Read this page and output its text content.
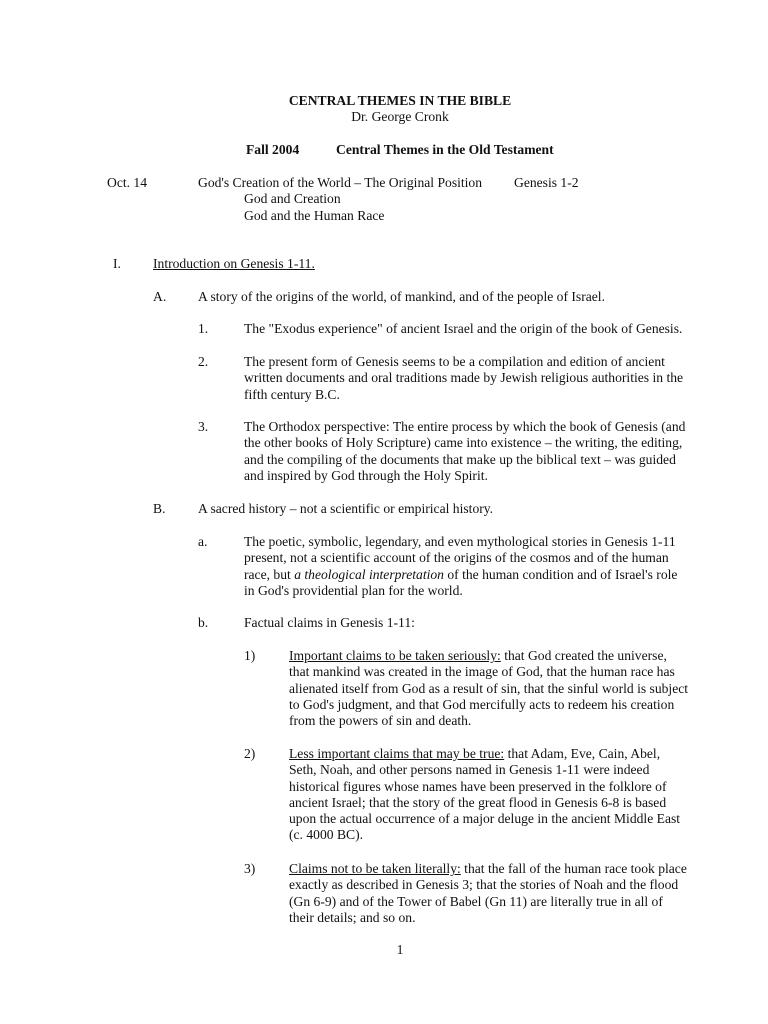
CENTRAL THEMES IN THE BIBLE
Dr. George Cronk
Fall 2004	Central Themes in the Old Testament
Oct. 14	God's Creation of the World – The Original Position Genesis 1-2
God and Creation
God and the Human Race
I. Introduction on Genesis 1-11.
A. A story of the origins of the world, of mankind, and of the people of Israel.
1.	The "Exodus experience" of ancient Israel and the origin of the book of Genesis.
2.	The present form of Genesis seems to be a compilation and edition of ancient
written documents and oral traditions made by Jewish religious authorities in the
fifth century B.C.
3.	The Orthodox perspective: The entire process by which the book of Genesis (and
the other books of Holy Scripture) came into existence – the writing, the editing,
and the compiling of the documents that make up the biblical text – was guided
and inspired by God through the Holy Spirit.
B. A sacred history – not a scientific or empirical history.
a.	The poetic, symbolic, legendary, and even mythological stories in Genesis 1-11
present, not a scientific account of the origins of the cosmos and of the human
race, but a theological interpretation of the human condition and of Israel's role
in God's providential plan for the world.
b.	Factual claims in Genesis 1-11:
1) Important claims to be taken seriously: that God created the universe,
that mankind was created in the image of God, that the human race has
alienated itself from God as a result of sin, that the sinful world is subject
to God's judgment, and that God mercifully acts to redeem his creation
from the powers of sin and death.
2) Less important claims that may be true: that Adam, Eve, Cain, Abel,
Seth, Noah, and other persons named in Genesis 1-11 were indeed
historical figures whose names have been preserved in the folklore of
ancient Israel; that the story of the great flood in Genesis 6-8 is based
upon the actual occurrence of a major deluge in the ancient Middle East
(c. 4000 BC).
3) Claims not to be taken literally: that the fall of the human race took place
exactly as described in Genesis 3; that the stories of Noah and the flood
(Gn 6-9) and of the Tower of Babel (Gn 11) are literally true in all of
their details; and so on.
1
